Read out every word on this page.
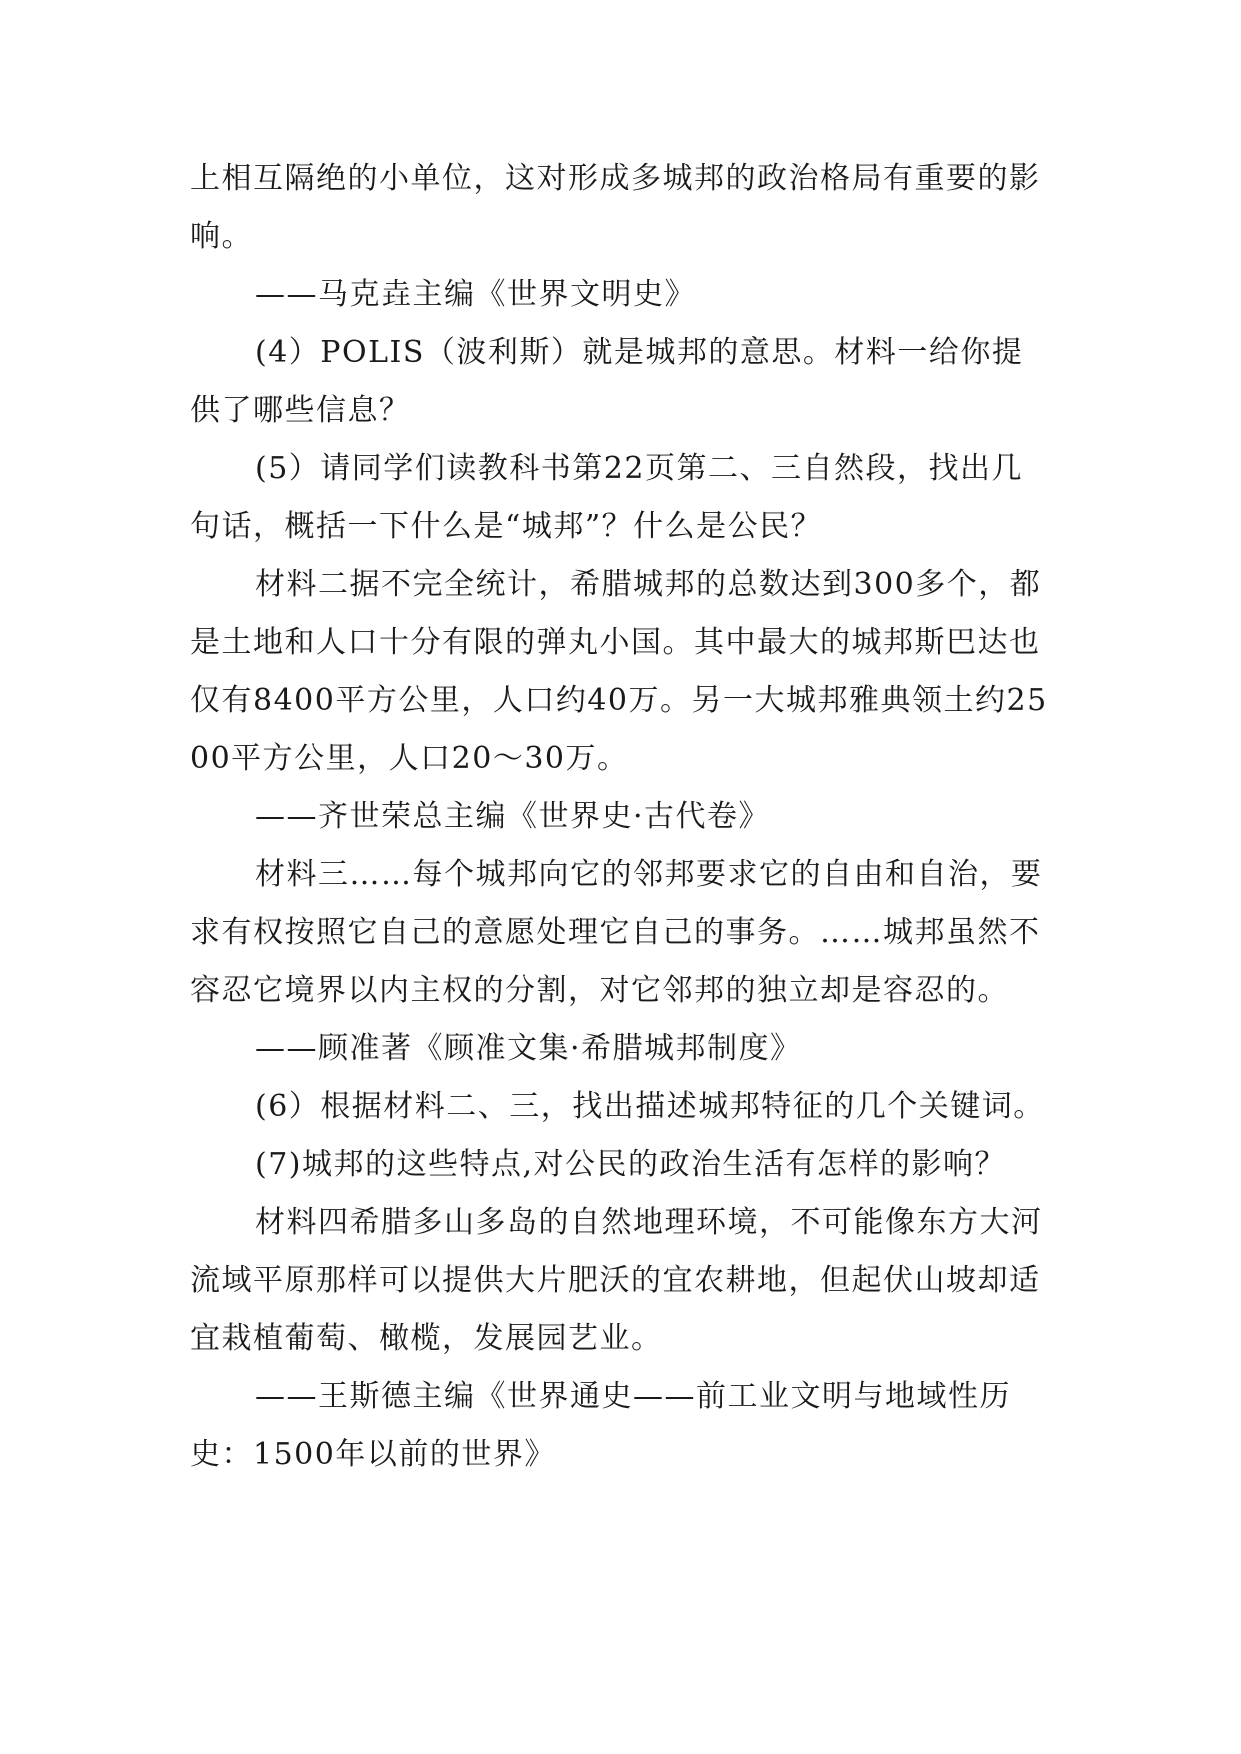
上相互隔绝的小单位，这对形成多城邦的政治格局有重要的影响。

——马克垚主编《世界文明史》

(4）POLIS（波利斯）就是城邦的意思。材料一给你提供了哪些信息？

(5）请同学们读教科书第22页第二、三自然段，找出几句话，概括一下什么是“城邦”？什么是公民？

材料二据不完全统计，希腊城邦的总数达到300多个，都是土地和人口十分有限的弹丸小国。其中最大的城邦斯巴达也仅有8400平方公里，人口约40万。另一大城邦雅典领土约2500平方公里，人口20～30万。

——齐世荣总主编《世界史·古代卷》

材料三……每个城邦向它的邻邦要求它的自由和自治，要求有权按照它自己的意愿处理它自己的事务。……城邦虽然不容忍它境界以内主权的分割，对它邻邦的独立却是容忍的。

——顾准著《顾准文集·希腊城邦制度》

(6）根据材料二、三，找出描述城邦特征的几个关键词。

(7)城邦的这些特点,对公民的政治生活有怎样的影响？

材料四希腊多山多岛的自然地理环境，不可能像东方大河流域平原那样可以提供大片肥沃的宜农耕地，但起伏山坡却适宜栽植葡萄、橄榄，发展园艺业。

——王斯德主编《世界通史——前工业文明与地域性历史：1500年以前的世界》
